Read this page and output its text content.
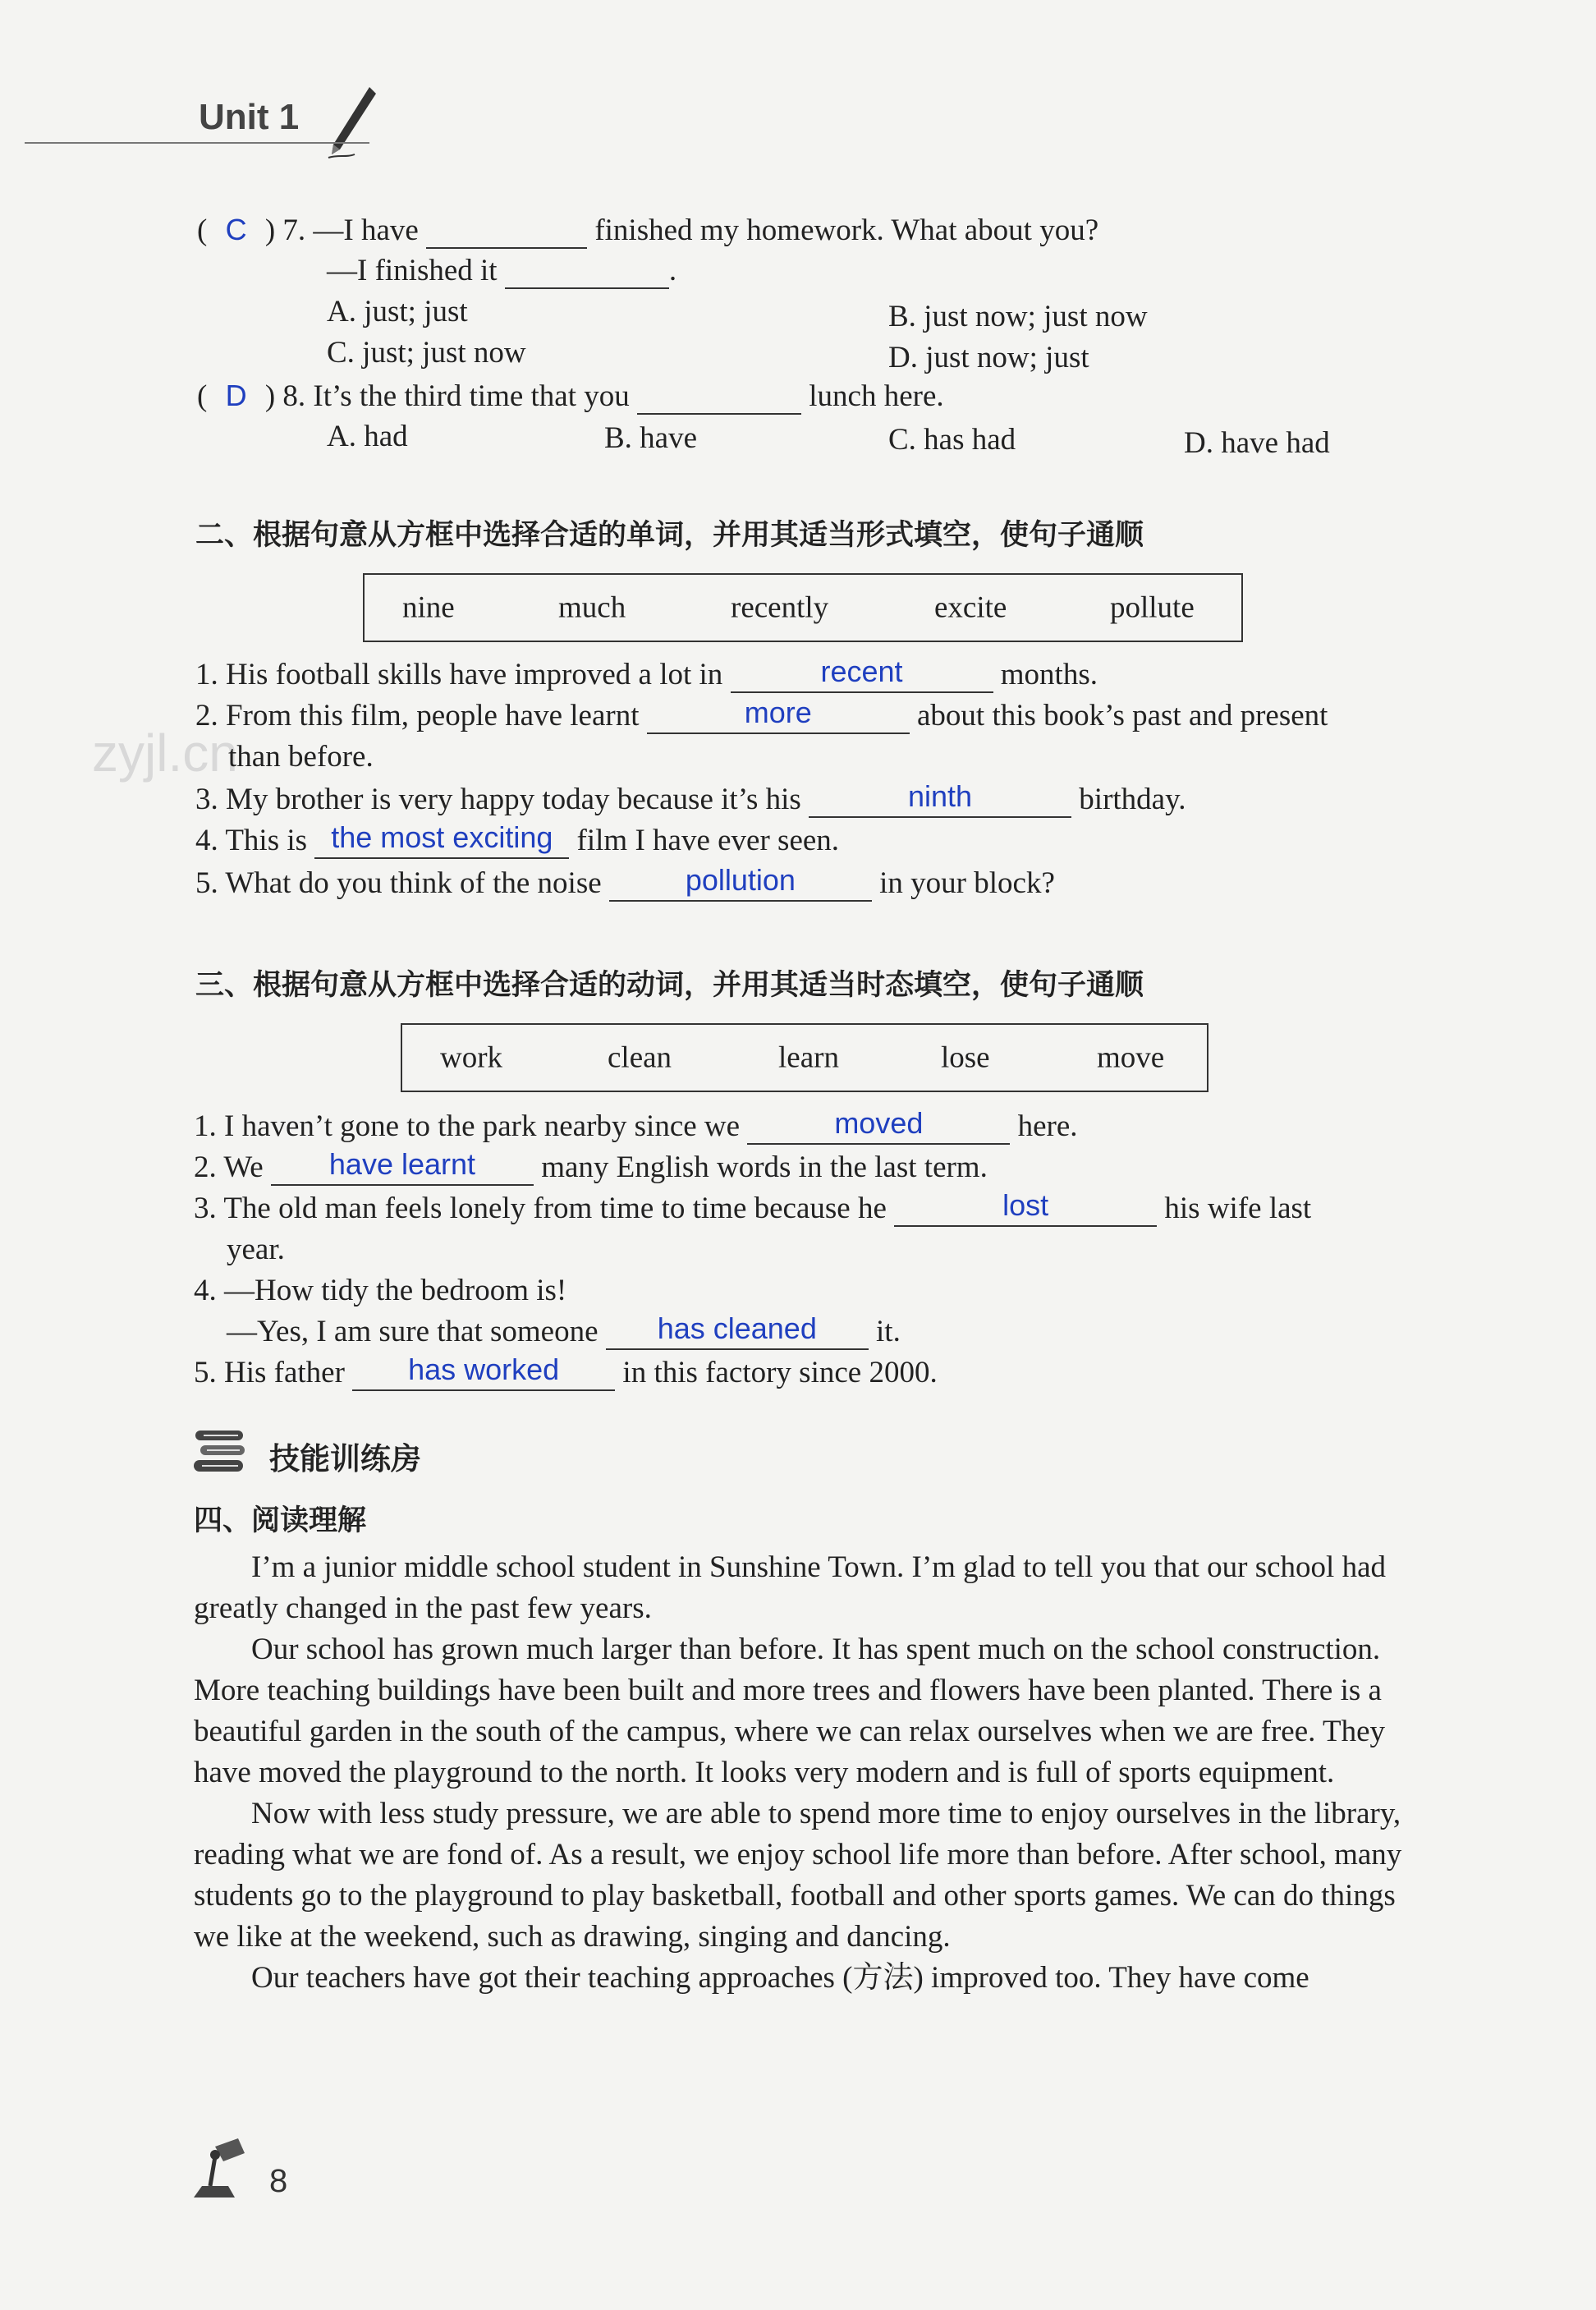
Unit 1
( C ) 7. —I have	finished my homework. What about you?
—I finished it	.
A. just; just	B. just now; just now
C. just; just now	D. just now; just
( D ) 8. It’s the third time that you	lunch here.
A. had	B. have	C. has had	D. have had
二、根据句意从方框中选择合适的单词，并用其适当形式填空，使句子通顺
nine	much	recently	excite	pollute
zyjl.cn
1. His football skills have improved a lot in	recent	months.
2. From this film, people have learnt	more	about this book’s past and present
than before.
3. My brother is very happy today because it’s his	ninth	birthday.
4. This is the most exciting film I have ever seen.
5. What do you think of the noise	pollution	in your block?
三、根据句意从方框中选择合适的动词，并用其适当时态填空，使句子通顺
work	clean	learn	lose	move
1. I haven’t gone to the park nearby since we	moved	here.
2. We	have learnt	many English words in the last term.
3. The old man feels lonely from time to time because he	lost	his wife last
year.
4. —How tidy the bedroom is!
—Yes, I am sure that someone	has cleaned	it.
5. His father	has worked	in this factory since 2000.
技能训练房
四、阅读理解

I’m a junior middle school student in Sunshine Town. I’m glad to tell you that our school had greatly changed in the past few years.

Our school has grown much larger than before. It has spent much on the school construction. More teaching buildings have been built and more trees and flowers have been planted. There is a beautiful garden in the south of the campus, where we can relax ourselves when we are free. They have moved the playground to the north. It looks very modern and is full of sports equipment.

Now with less study pressure, we are able to spend more time to enjoy ourselves in the library, reading what we are fond of. As a result, we enjoy school life more than before. After school, many students go to the playground to play basketball, football and other sports games. We can do things we like at the weekend, such as drawing, singing and dancing.

Our teachers have got their teaching approaches (方法) improved too. They have come

8
